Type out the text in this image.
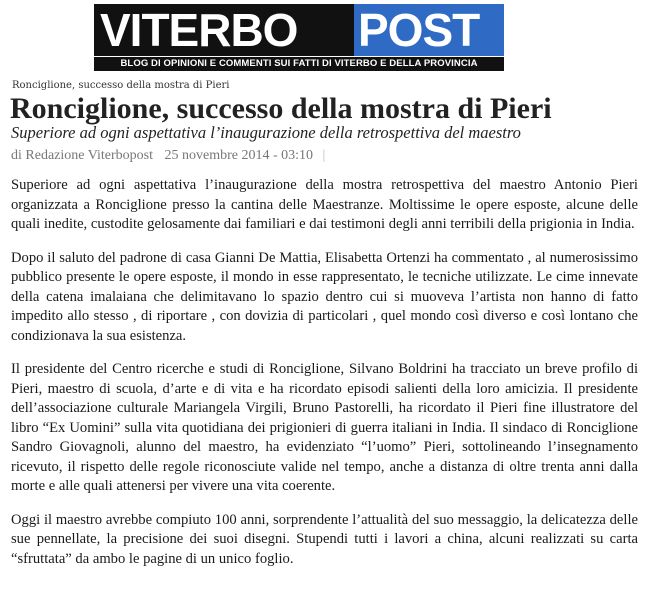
VITERBO POST
BLOG DI OPINIONI E COMMENTI SUI FATTI DI VITERBO E DELLA PROVINCIA
Ronciglione, successo della mostra di Pieri
Ronciglione, successo della mostra di Pieri
Superiore ad ogni aspettativa l’inaugurazione della retrospettiva del maestro
di Redazione Viterbopost 25 novembre 2014 - 03:10 |

Superiore ad ogni aspettativa l’inaugurazione della mostra retrospettiva del maestro Antonio Pieri organizzata a Ronciglione presso la cantina delle Maestranze. Moltissime le opere esposte, alcune delle quali inedite, custodite gelosamente dai familiari e dai testimoni degli anni terribili della prigionia in India.

Dopo il saluto del padrone di casa Gianni De Mattia, Elisabetta Ortenzi ha commentato , al numerosissimo pubblico presente le opere esposte, il mondo in esse rappresentato, le tecniche utilizzate. Le cime innevate della catena imalaiana che delimitavano lo spazio dentro cui si muoveva l’artista non hanno di fatto impedito allo stesso , di riportare , con dovizia di particolari , quel mondo così diverso e così lontano che condizionava la sua esistenza.

Il presidente del Centro ricerche e studi di Ronciglione, Silvano Boldrini ha tracciato un breve profilo di Pieri, maestro di scuola, d’arte e di vita e ha ricordato episodi salienti della loro amicizia. Il presidente dell’associazione culturale Mariangela Virgili, Bruno Pastorelli, ha ricordato il Pieri fine illustratore del libro “Ex Uomini” sulla vita quotidiana dei prigionieri di guerra italiani in India. Il sindaco di Ronciglione Sandro Giovagnoli, alunno del maestro, ha evidenziato “l’uomo” Pieri, sottolineando l’insegnamento ricevuto, il rispetto delle regole riconosciute valide nel tempo, anche a distanza di oltre trenta anni dalla morte e alle quali attenersi per vivere una vita coerente.

Oggi il maestro avrebbe compiuto 100 anni, sorprendente l’attualità del suo messaggio, la delicatezza delle sue pennellate, la precisione dei suoi disegni. Stupendi tutti i lavori a china, alcuni realizzati su carta “sfruttata” da ambo le pagine di un unico foglio.
